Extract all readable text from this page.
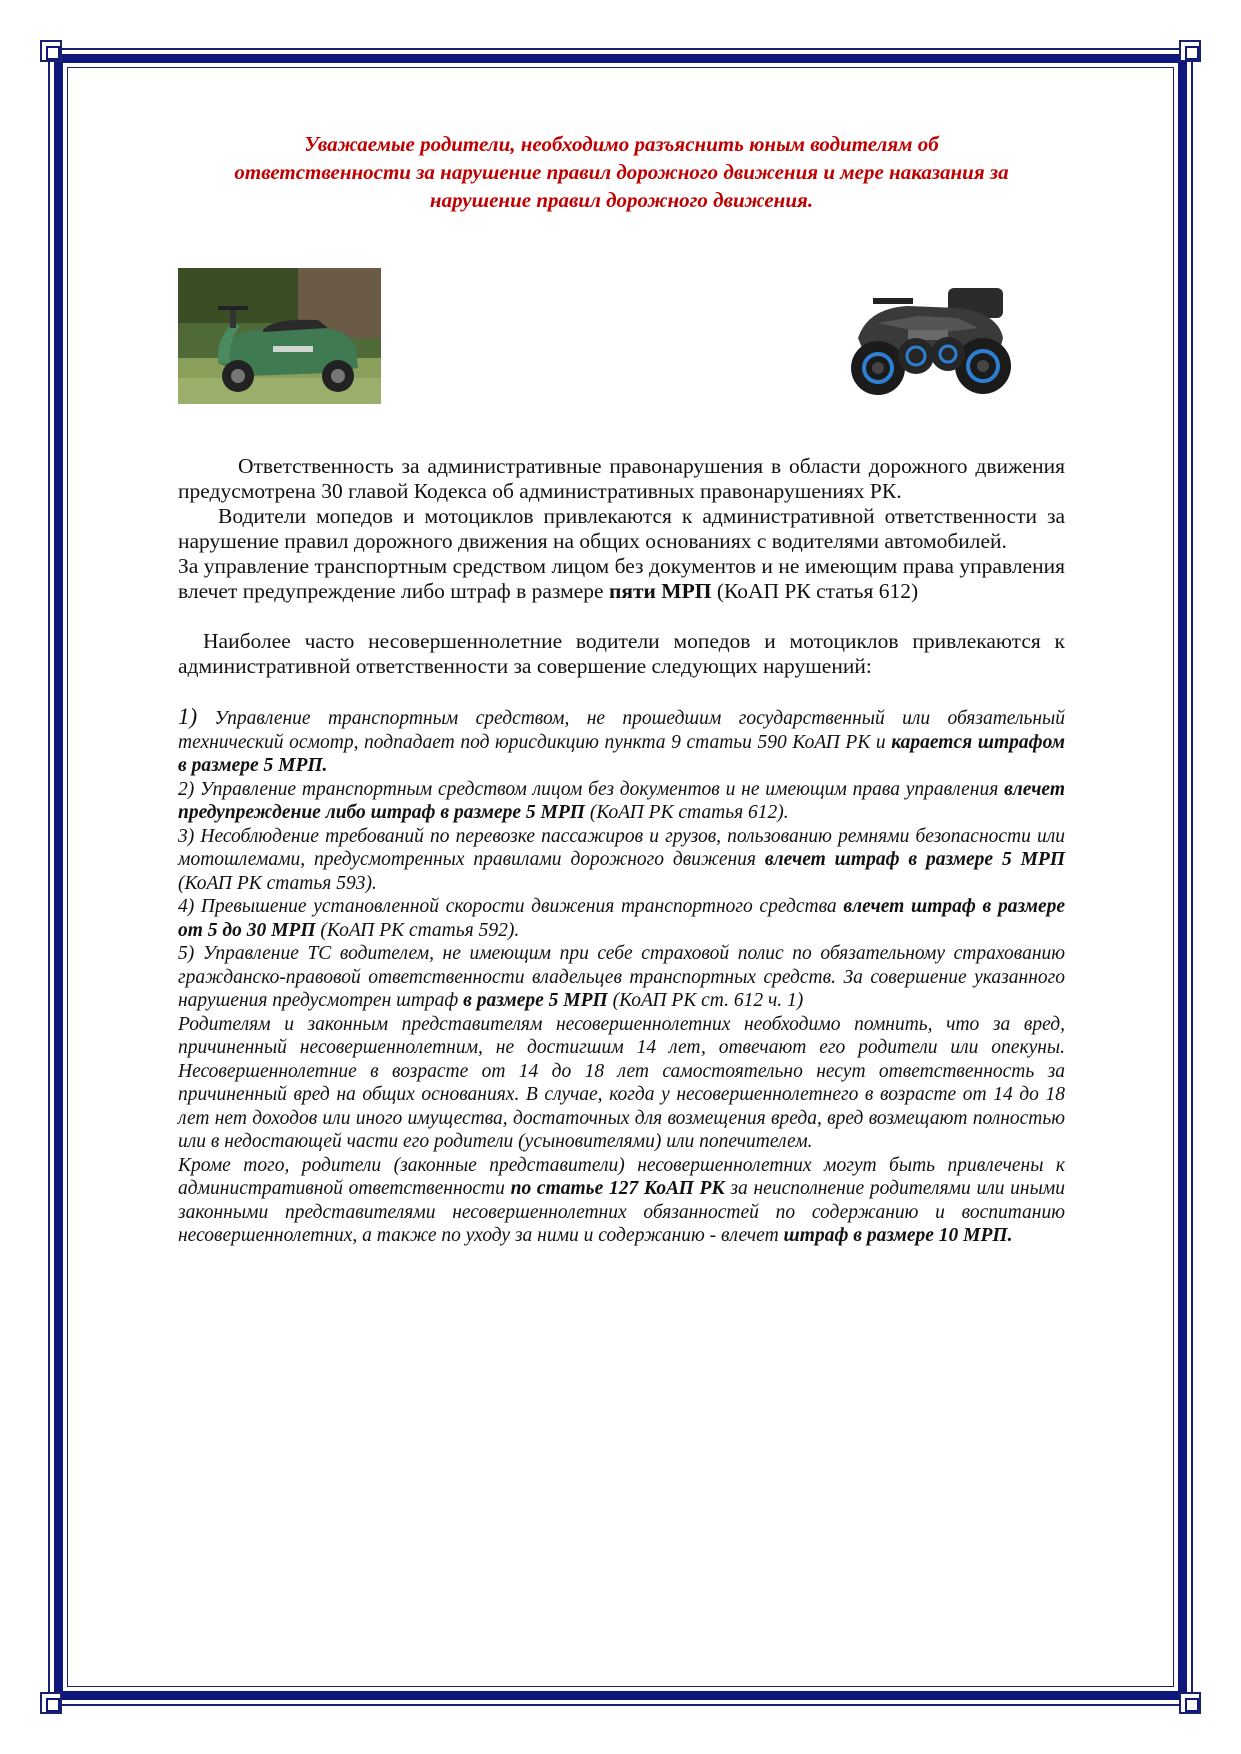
Уважаемые родители, необходимо разъяснить юным водителям об ответственности за нарушение правил дорожного движения и мере наказания за нарушение правил дорожного движения.

Ответственность за административные правонарушения в области дорожного движения предусмотрена 30 главой Кодекса об административных правонарушениях РК.

Водители мопедов и мотоциклов привлекаются к административной ответственности за нарушение правил дорожного движения на общих основаниях с водителями автомобилей.

За управление транспортным средством лицом без документов и не имеющим права управления влечет предупреждение либо штраф в размере пяти МРП (КоАП РК статья 612)

Наиболее часто несовершеннолетние водители мопедов и мотоциклов привлекаются к административной ответственности за совершение следующих нарушений:

1) Управление транспортным средством, не прошедшим государственный или обязательный технический осмотр, подпадает под юрисдикцию пункта 9 статьи 590 КоАП РК и карается штрафом в размере 5 МРП.

2) Управление транспортным средством лицом без документов и не имеющим права управления влечет предупреждение либо штраф в размере 5 МРП (КоАП РК статья 612).

3) Несоблюдение требований по перевозке пассажиров и грузов, пользованию ремнями безопасности или мотошлемами, предусмотренных правилами дорожного движения влечет штраф в размере 5 МРП (КоАП РК статья 593).

4) Превышение установленной скорости движения транспортного средства влечет штраф в размере от 5 до 30 МРП (КоАП РК статья 592).

5) Управление ТС водителем, не имеющим при себе страховой полис по обязательному страхованию гражданско-правовой ответственности владельцев транспортных средств. За совершение указанного нарушения предусмотрен штраф в размере 5 МРП (КоАП РК ст. 612 ч. 1)

Родителям и законным представителям несовершеннолетних необходимо помнить, что за вред, причиненный несовершеннолетним, не достигшим 14 лет, отвечают его родители или опекуны. Несовершеннолетние в возрасте от 14 до 18 лет самостоятельно несут ответственность за причиненный вред на общих основаниях. В случае, когда у несовершеннолетнего в возрасте от 14 до 18 лет нет доходов или иного имущества, достаточных для возмещения вреда, вред возмещают полностью или в недостающей части его родители (усыновителями) или попечителем.

Кроме того, родители (законные представители) несовершеннолетних могут быть привлечены к административной ответственности по статье 127 КоАП РК за неисполнение родителями или иными законными представителями несовершеннолетних обязанностей по содержанию и воспитанию несовершеннолетних, а также по уходу за ними и содержанию - влечет штраф в размере 10 МРП.
